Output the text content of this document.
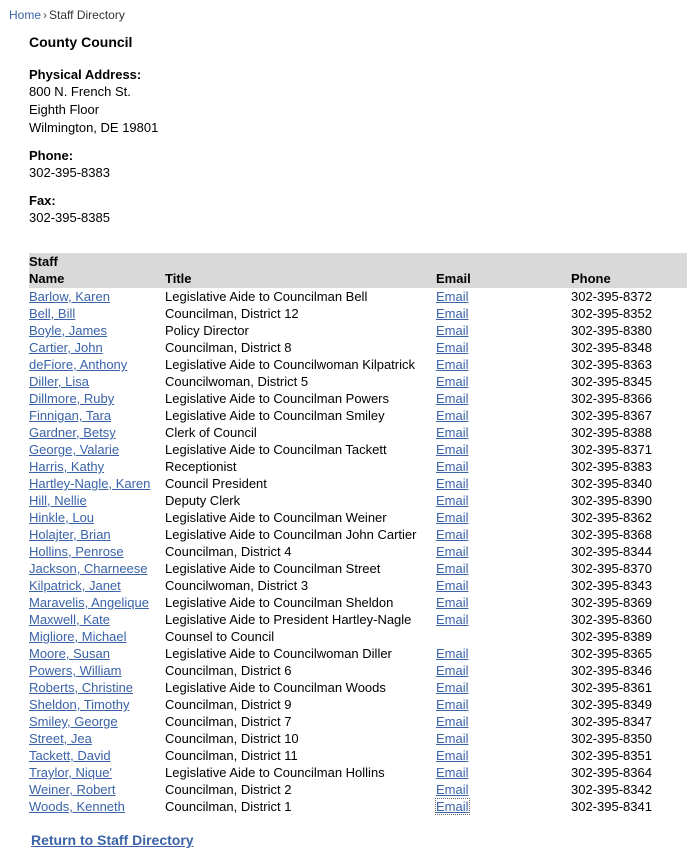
Home › Staff Directory
County Council
Physical Address:
800 N. French St.
Eighth Floor
Wilmington, DE 19801
Phone:
302-395-8383
Fax:
302-395-8385
Staff			
Name	Title	Email	Phone
Barlow, Karen	Legislative Aide to Councilman Bell	Email	302-395-8372
Bell, Bill	Councilman, District 12	Email	302-395-8352
Boyle, James	Policy Director	Email	302-395-8380
Cartier, John	Councilman, District 8	Email	302-395-8348
deFiore, Anthony	Legislative Aide to Councilwoman Kilpatrick	Email	302-395-8363
Diller, Lisa	Councilwoman, District 5	Email	302-395-8345
Dillmore, Ruby	Legislative Aide to Councilman Powers	Email	302-395-8366
Finnigan, Tara	Legislative Aide to Councilman Smiley	Email	302-395-8367
Gardner, Betsy	Clerk of Council	Email	302-395-8388
George, Valarie	Legislative Aide to Councilman Tackett	Email	302-395-8371
Harris, Kathy	Receptionist	Email	302-395-8383
Hartley-Nagle, Karen	Council President	Email	302-395-8340
Hill, Nellie	Deputy Clerk	Email	302-395-8390
Hinkle, Lou	Legislative Aide to Councilman Weiner	Email	302-395-8362
Holajter, Brian	Legislative Aide to Councilman John Cartier	Email	302-395-8368
Hollins, Penrose	Councilman, District 4	Email	302-395-8344
Jackson, Charneese	Legislative Aide to Councilman Street	Email	302-395-8370
Kilpatrick, Janet	Councilwoman, District 3	Email	302-395-8343
Maravelis, Angelique	Legislative Aide to Councilman Sheldon	Email	302-395-8369
Maxwell, Kate	Legislative Aide to President Hartley-Nagle	Email	302-395-8360
Migliore, Michael	Counsel to Council		302-395-8389
Moore, Susan	Legislative Aide to Councilwoman Diller	Email	302-395-8365
Powers, William	Councilman, District 6	Email	302-395-8346
Roberts, Christine	Legislative Aide to Councilman Woods	Email	302-395-8361
Sheldon, Timothy	Councilman, District 9	Email	302-395-8349
Smiley, George	Councilman, District 7	Email	302-395-8347
Street, Jea	Councilman, District 10	Email	302-395-8350
Tackett, David	Councilman, District 11	Email	302-395-8351
Traylor, Nique'	Legislative Aide to Councilman Hollins	Email	302-395-8364
Weiner, Robert	Councilman, District 2	Email	302-395-8342
Woods, Kenneth	Councilman, District 1	Email	302-395-8341
Return to Staff Directory
